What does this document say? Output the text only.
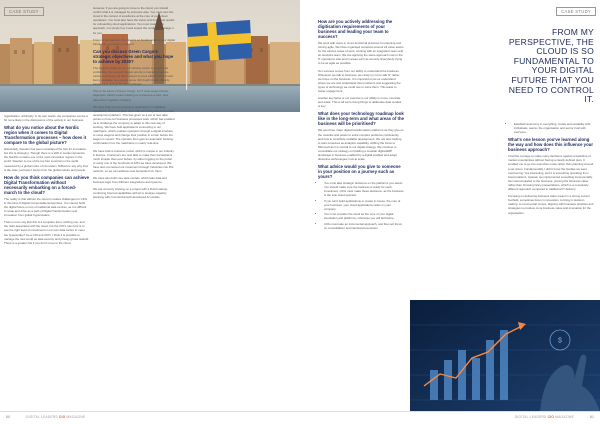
CASE STUDY

organisation. Arbitrarily: in its own words, the companies can be a bit more likely in the discussions of the activity in our business.

What do you notice about the Nordic region when it comes to Digital Transformation processes – how does it compare to the global picture?

Historically, Sweden has been considered the hub for innovation, but this is changing. Though there is a shift in market dynamics, the Nordics remains one of the most innovative regions in the world. Sweden is one of the top four countries in the world measured by a global index of innovation. Difficult to say why that is the case, perhaps it stems from the global culture and people.

How do you think companies can achieve Digital Transformation without necessarily embarking on a forced-march to the cloud?

The reality is that without the cloud it creates challenges for CIOs in this kind of Digital Composable Enterprises. You cannot build the digital future on top of traditional data centres, as it is difficult to scale and drive as a path of Digital Transformation and innovation from global hyperscalers.

That is not to say that this is a complete all-or-nothing one, and the risks associated with the cloud, but the CIO's role here is to see the right level of investment in our own data centre to meet the hyperscaler? As a CIO and CDO, I think it is possible to manage the new world as data security and privacy grows twofold. There is a greater risk if you don't move to the cloud.

However, if you are going to move to the cloud, you should confirm that it is managed by someone else. You must own the cloud in the context of excellence at the core of your cloud operations. You must also have the vision and functional results for onboarding cloud applications. You must master this approach, not simply buy it and expect the vendor to manage it for you.

From my perspective, the cloud is so fundamental to your digital future that you need to control it.

Can you discuss Green Cargo's strategic objectives and what you hope to achieve by 2030?

The biggest challenge for our industry sector is growth and profitability. Our second biggest priority is helping to reduce carbon emissions, as rail transport is more efficient than trucks. Every weekday, we operate some 400 freight trains, thereby transporting around 60,000 truckloads.

This is the future of Green Cargo, so IT must support those objectives, which means helping us to become a tech- and data-driven logistics company.

We have built several enterprise applications to digitalise operations, which we have done with our Outsystems low-code development platform. This has given us a set of new data points on how our business processes work, which has enabled us to challenge the company to adapt to this new way of working. We have built applications connecting to our mainframe, which enables operators through a digital interface to move wagons and change their position in a train before the wagon is moved. The operator then gets an automatic booking confirmation from the mainframe in nearly real-time.

We have built a customer portal, which is unique in our industry in Europe. Customers are now able to make their transactions much simpler than ever before: by either logging on the portal or using one of the hundreds of APIs we have developed. We have also connected our customers through Industries into this network, so we can address new demands from them.

We have also built core data models, which take data and business logic from different integrations and systems.

We are currently working on a project with a Dutch startup, combining internal capabilities with AI to analyse capacity planning with commercial tech-developed AI models.

60	DIGITAL LEADERS CIO MAGAZINE
CASE STUDY
How are you actively addressing the digitisation requirements of your business and leading your team to success?

We work with users in cross-functional practices for planning and turning agile. We have organised ourselves around 24 value teams for the various areas of work, working with an integration team and an analytics team. We are applying the same approach now to the IT operations side and in areas such as security. Everybody trying to be as agile as possible.

Our success comes from our ability to understand the business. Whenever we talk to business, we rarely try not to talk IT; rather, we focus on the business. It is important to let us understand where we are and understand their problems and suggesting the types of technology we could use to solve them. This leads to better engagement.

Another key factor is our purpose is our ability to move, innovate and scale. This is all we're doing things to deliberate data models is key.

What does your technology roadmap look like in the long-term and what areas of the business will be prioritised?

We see three major digital transformation platforms as they give us the muscles and power to solve complex problems consistently and how to contribute scalable development. We are also looking to start ourselves as analytics capability, shifting the focus to Microsoft as it is central to our digital strategy. We continue to consolidate our strategy on building a modular digital ERP landscape in business enabled by a digital enabled and adopt disruptive technologies in AI at scale.

What advice would you give to someone in your position on a journey such as yours?
• You must take strategic decisions on the platforms you select. You should make sure the business is ready for each investment. CIOs must make these decisions, as the business is the sole cloud operator.
• If you can't build applications or create in-house, the core of your business, your cloud applications relies on your company.
• You must consider the cloud as the core of your digital foundation and platforms, otherwise you will fail before.
• CIOs must take an incremental approach, and then act focus on consolidation and intentional execution.
FROM MY PERSPECTIVE, THE CLOUD IS SO FUNDAMENTAL TO YOUR DIGITAL FUTURE THAT YOU NEED TO CONTROL IT.
• Establish autonomy in everything, create accountability with individuals, teams, the organisation and senior trust with everyone.
What's one lesson you've learned along the way and how does this influence your business approach?

I had the courage to make many decisions against a backdrop of market uncertainties without having a clearly defined plan. It enabled me to go into executive mode rather than planning around a set vision. Fundamentally, I didn't know the hurdles we were overcoming. Yes interesting, and it is something operating from interpretations. Instead, we implemented something incrementally, then demonstrated to the business, proving the business value rather than throwing fancy presentations, which is a completely different approach compared to traditional IT delivery.

Focusing on delivering business value meant in a strong current foothold, sometimes focus in innovation, to bring in decision making, to commercial moves, aligning with business priorities and strategies to produce more business value and innovation for the organisation.

$
DIGITAL LEADERS CIO MAGAZINE	61
